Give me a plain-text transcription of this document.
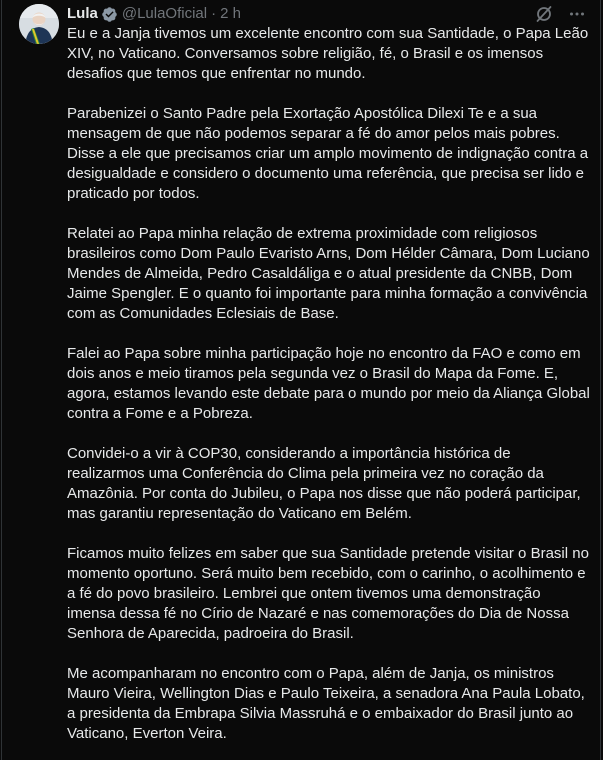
Lula @LulaOficial · 2 h

Eu e a Janja tivemos um excelente encontro com sua Santidade, o Papa Leão XIV, no Vaticano. Conversamos sobre religião, fé, o Brasil e os imensos desafios que temos que enfrentar no mundo.

Parabenizei o Santo Padre pela Exortação Apostólica Dilexi Te e a sua mensagem de que não podemos separar a fé do amor pelos mais pobres. Disse a ele que precisamos criar um amplo movimento de indignação contra a desigualdade e considero o documento uma referência, que precisa ser lido e praticado por todos.

Relatei ao Papa minha relação de extrema proximidade com religiosos brasileiros como Dom Paulo Evaristo Arns, Dom Hélder Câmara, Dom Luciano Mendes de Almeida, Pedro Casaldáliga e o atual presidente da CNBB, Dom Jaime Spengler. E o quanto foi importante para minha formação a convivência com as Comunidades Eclesiais de Base.

Falei ao Papa sobre minha participação hoje no encontro da FAO e como em dois anos e meio tiramos pela segunda vez o Brasil do Mapa da Fome. E, agora, estamos levando este debate para o mundo por meio da Aliança Global contra a Fome e a Pobreza.

Convidei-o a vir à COP30, considerando a importância histórica de realizarmos uma Conferência do Clima pela primeira vez no coração da Amazônia. Por conta do Jubileu, o Papa nos disse que não poderá participar, mas garantiu representação do Vaticano em Belém.

Ficamos muito felizes em saber que sua Santidade pretende visitar o Brasil no momento oportuno. Será muito bem recebido, com o carinho, o acolhimento e a fé do povo brasileiro. Lembrei que ontem tivemos uma demonstração imensa dessa fé no Círio de Nazaré e nas comemorações do Dia de Nossa Senhora de Aparecida, padroeira do Brasil.

Me acompanharam no encontro com o Papa, além de Janja, os ministros Mauro Vieira, Wellington Dias e Paulo Teixeira, a senadora Ana Paula Lobato, a presidenta da Embrapa Silvia Massruhá e o embaixador do Brasil junto ao Vaticano, Everton Veira.
